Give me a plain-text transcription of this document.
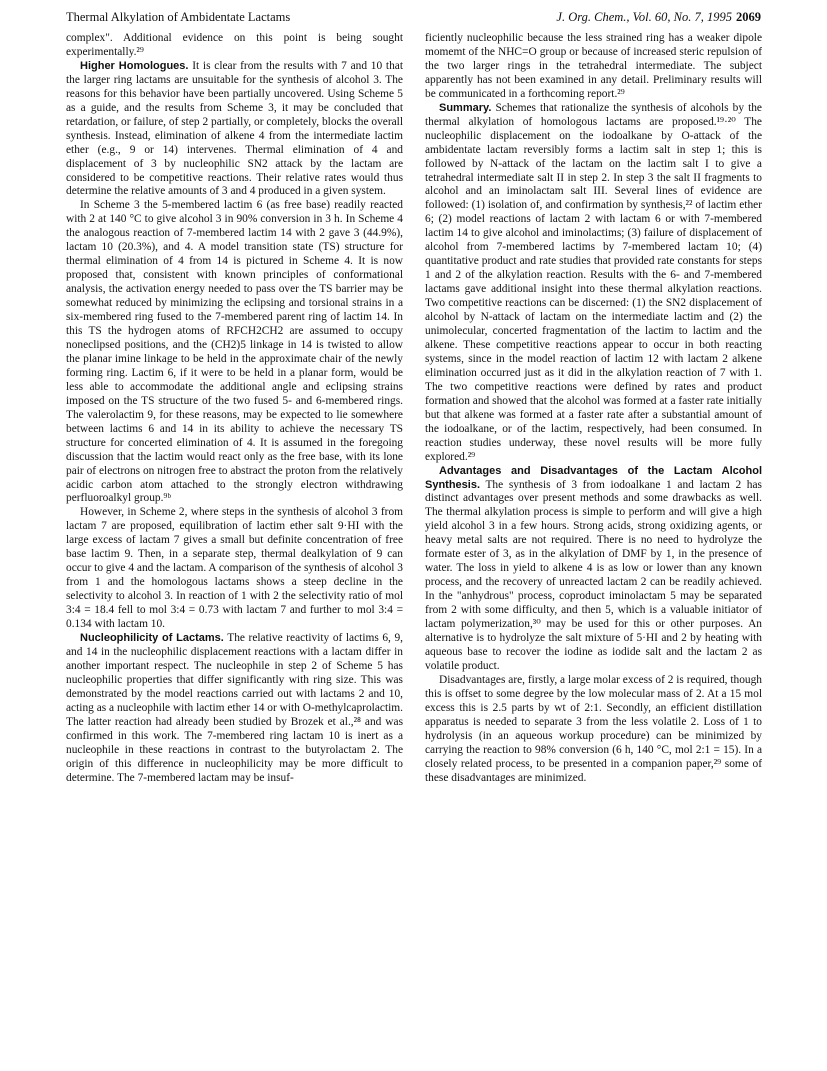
Thermal Alkylation of Ambidentate Lactams	J. Org. Chem., Vol. 60, No. 7, 1995 2069

complex". Additional evidence on this point is being sought experimentally.²⁹

Higher Homologues. It is clear from the results with 7 and 10 that the larger ring lactams are unsuitable for the synthesis of alcohol 3. The reasons for this behavior have been partially uncovered. Using Scheme 5 as a guide, and the results from Scheme 3, it may be concluded that retardation, or failure, of step 2 partially, or completely, blocks the overall synthesis. Instead, elimination of alkene 4 from the intermediate lactim ether (e.g., 9 or 14) intervenes. Thermal elimination of 4 and displacement of 3 by nucleophilic SN2 attack by the lactam are considered to be competitive reactions. Their relative rates would thus determine the relative amounts of 3 and 4 produced in a given system.

In Scheme 3 the 5-membered lactim 6 (as free base) readily reacted with 2 at 140 °C to give alcohol 3 in 90% conversion in 3 h. In Scheme 4 the analogous reaction of 7-membered lactim 14 with 2 gave 3 (44.9%), lactam 10 (20.3%), and 4. A model transition state (TS) structure for thermal elimination of 4 from 14 is pictured in Scheme 4. It is now proposed that, consistent with known principles of conformational analysis, the activation energy needed to pass over the TS barrier may be somewhat reduced by minimizing the eclipsing and torsional strains in a six-membered ring fused to the 7-membered parent ring of lactim 14. In this TS the hydrogen atoms of RFCH2CH2 are assumed to occupy noneclipsed positions, and the (CH2)5 linkage in 14 is twisted to allow the planar imine linkage to be held in the approximate chair of the newly forming ring. Lactim 6, if it were to be held in a planar form, would be less able to accommodate the additional angle and eclipsing strains imposed on the TS structure of the two fused 5- and 6-membered rings. The valerolactim 9, for these reasons, may be expected to lie somewhere between lactims 6 and 14 in its ability to achieve the necessary TS structure for concerted elimination of 4. It is assumed in the foregoing discussion that the lactim would react only as the free base, with its lone pair of electrons on nitrogen free to abstract the proton from the relatively acidic carbon atom attached to the strongly electron withdrawing perfluoroalkyl group.⁹ᵇ

However, in Scheme 2, where steps in the synthesis of alcohol 3 from lactam 7 are proposed, equilibration of lactim ether salt 9·HI with the large excess of lactam 7 gives a small but definite concentration of free base lactim 9. Then, in a separate step, thermal dealkylation of 9 can occur to give 4 and the lactam. A comparison of the synthesis of alcohol 3 from 1 and the homologous lactams shows a steep decline in the selectivity to alcohol 3. In reaction of 1 with 2 the selectivity ratio of mol 3:4 = 18.4 fell to mol 3:4 = 0.73 with lactam 7 and further to mol 3:4 = 0.134 with lactam 10.

Nucleophilicity of Lactams. The relative reactivity of lactims 6, 9, and 14 in the nucleophilic displacement reactions with a lactam differ in another important respect. The nucleophile in step 2 of Scheme 5 has nucleophilic properties that differ significantly with ring size. This was demonstrated by the model reactions carried out with lactams 2 and 10, acting as a nucleophile with lactim ether 14 or with O-methylcaprolactim. The latter reaction had already been studied by Brozek et al.,²⁸ and was confirmed in this work. The 7-membered ring lactam 10 is inert as a nucleophile in these reactions in contrast to the butyrolactam 2. The origin of this difference in nucleophilicity may be more difficult to determine. The 7-membered lactam may be insuf-

ficiently nucleophilic because the less strained ring has a weaker dipole momemt of the NHC=O group or because of increased steric repulsion of the two larger rings in the tetrahedral intermediate. The subject apparently has not been examined in any detail. Preliminary results will be communicated in a forthcoming report.²⁹

Summary. Schemes that rationalize the synthesis of alcohols by the thermal alkylation of homologous lactams are proposed.¹⁹·²⁰ The nucleophilic displacement on the iodoalkane by O-attack of the ambidentate lactam reversibly forms a lactim salt in step 1; this is followed by N-attack of the lactam on the lactim salt I to give a tetrahedral intermediate salt II in step 2. In step 3 the salt II fragments to alcohol and an iminolactam salt III. Several lines of evidence are followed: (1) isolation of, and confirmation by synthesis,²² of lactim ether 6; (2) model reactions of lactam 2 with lactam 6 or with 7-membered lactim 14 to give alcohol and iminolactims; (3) failure of displacement of alcohol from 7-membered lactims by 7-membered lactam 10; (4) quantitative product and rate studies that provided rate constants for steps 1 and 2 of the alkylation reaction. Results with the 6- and 7-membered lactams gave additional insight into these thermal alkylation reactions. Two competitive reactions can be discerned: (1) the SN2 displacement of alcohol by N-attack of lactam on the intermediate lactim and (2) the unimolecular, concerted fragmentation of the lactim to lactim and the alkene. These competitive reactions appear to occur in both reacting systems, since in the model reaction of lactim 12 with lactam 2 alkene elimination occurred just as it did in the alkylation reaction of 7 with 1. The two competitive reactions were defined by rates and product formation and showed that the alcohol was formed at a faster rate initially but that alkene was formed at a faster rate after a substantial amount of the iodoalkane, or of the lactim, respectively, had been consumed. In reaction studies underway, these novel results will be more fully explored.²⁹

Advantages and Disadvantages of the Lactam Alcohol Synthesis. The synthesis of 3 from iodoalkane 1 and lactam 2 has distinct advantages over present methods and some drawbacks as well. The thermal alkylation process is simple to perform and will give a high yield alcohol 3 in a few hours. Strong acids, strong oxidizing agents, or heavy metal salts are not required. There is no need to hydrolyze the formate ester of 3, as in the alkylation of DMF by 1, in the presence of water. The loss in yield to alkene 4 is as low or lower than any known process, and the recovery of unreacted lactam 2 can be readily achieved. In the "anhydrous" process, coproduct iminolactam 5 may be separated from 2 with some difficulty, and then 5, which is a valuable initiator of lactam polymerization,³⁰ may be used for this or other purposes. An alternative is to hydrolyze the salt mixture of 5·HI and 2 by heating with aqueous base to recover the iodine as iodide salt and the lactam 2 as volatile product.

Disadvantages are, firstly, a large molar excess of 2 is required, though this is offset to some degree by the low molecular mass of 2. At a 15 mol excess this is 2.5 parts by wt of 2:1. Secondly, an efficient distillation apparatus is needed to separate 3 from the less volatile 2. Loss of 1 to hydrolysis (in an aqueous workup procedure) can be minimized by carrying the reaction to 98% conversion (6 h, 140 °C, mol 2:1 = 15). In a closely related process, to be presented in a companion paper,²⁹ some of these disadvantages are minimized.
